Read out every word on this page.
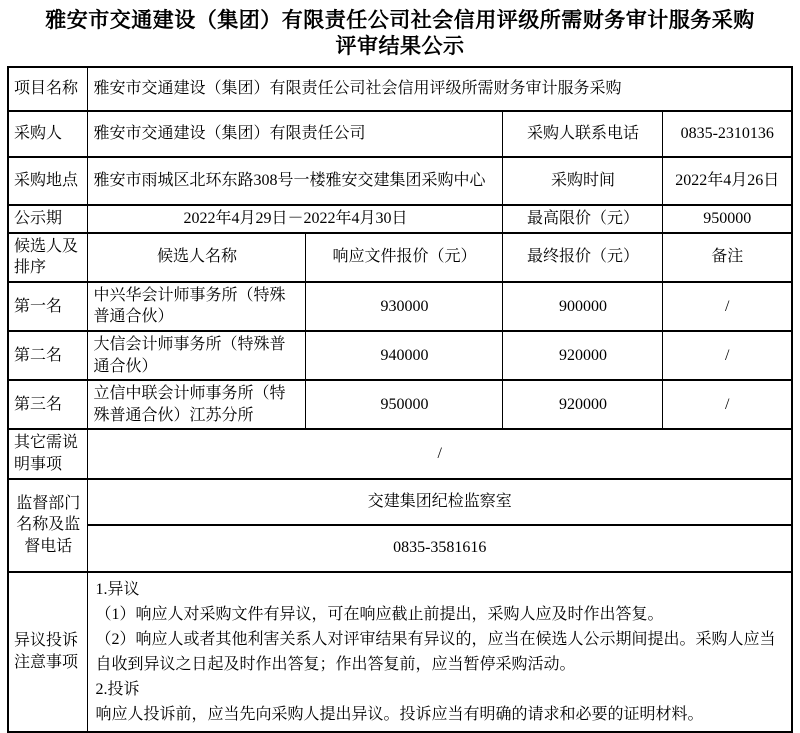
雅安市交通建设（集团）有限责任公司社会信用评级所需财务审计服务采购
评审结果公示
项目名称	雅安市交通建设（集团）有限责任公司社会信用评级所需财务审计服务采购			
采购人	雅安市交通建设（集团）有限责任公司		采购人联系电话	0835-2310136
采购地点	雅安市雨城区北环东路308号一楼雅安交建集团采购中心		采购时间	2022年4月26日
公示期	2022年4月29日－2022年4月30日		最高限价（元）	950000
候选人及排序	候选人名称	响应文件报价（元）	最终报价（元）	备注
第一名	中兴华会计师事务所（特殊普通合伙）	930000	900000	/
第二名	大信会计师事务所（特殊普通合伙）	940000	920000	/
第三名	立信中联会计师事务所（特殊普通合伙）江苏分所	950000	920000	/
其它需说明事项	/			
监督部门名称及监督电话	交建集团纪检监察室			
	0835-3581616			
异议投诉注意事项	1.异议
（1）响应人对采购文件有异议，可在响应截止前提出，采购人应及时作出答复。
（2）响应人或者其他利害关系人对评审结果有异议的，应当在候选人公示期间提出。采购人应当自收到异议之日起及时作出答复；作出答复前，应当暂停采购活动。
2.投诉
响应人投诉前，应当先向采购人提出异议。投诉应当有明确的请求和必要的证明材料。			
